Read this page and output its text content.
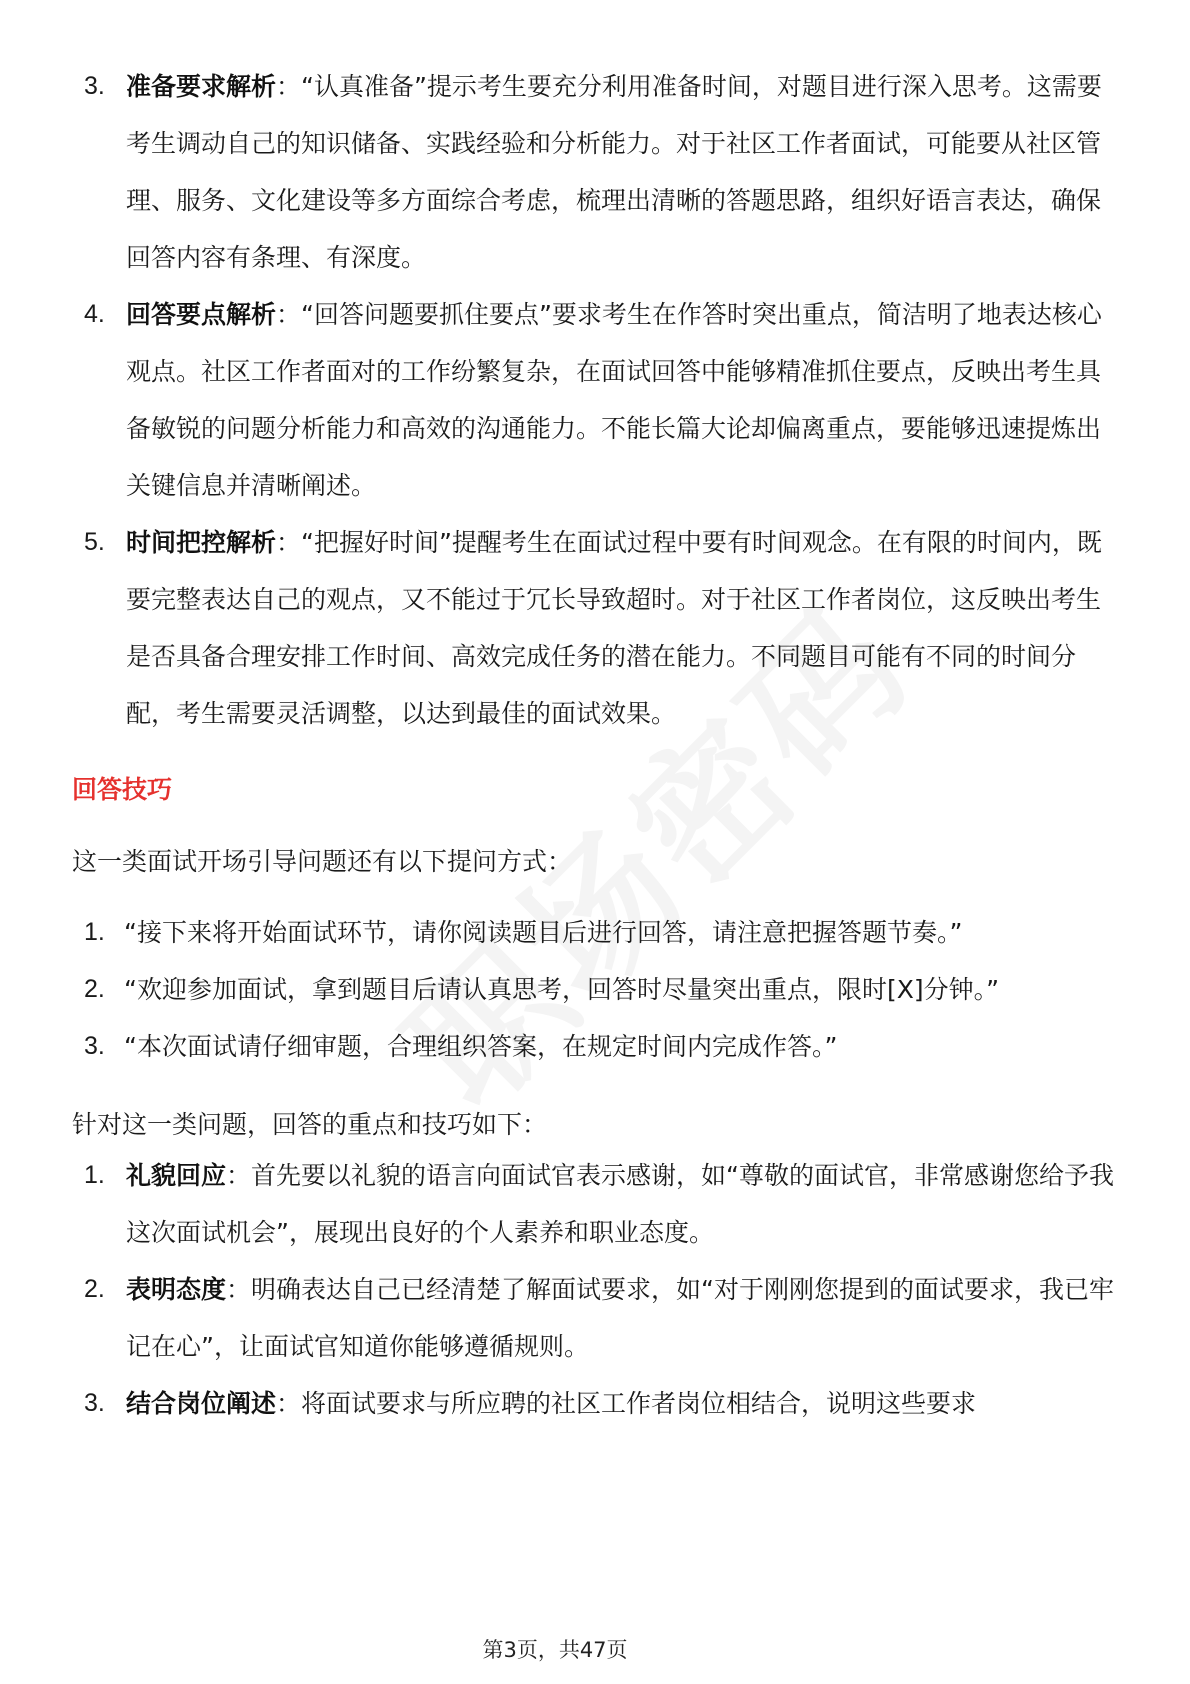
3. 准备要求解析：“认真准备”提示考生要充分利用准备时间，对题目进行深入思考。这需要考生调动自己的知识储备、实践经验和分析能力。对于社区工作者面试，可能要从社区管理、服务、文化建设等多方面综合考虑，梳理出清晰的答题思路，组织好语言表达，确保回答内容有条理、有深度。
4. 回答要点解析：“回答问题要抓住要点”要求考生在作答时突出重点，简洁明了地表达核心观点。社区工作者面对的工作纷繁复杂，在面试回答中能够精准抓住要点，反映出考生具备敏锐的问题分析能力和高效的沟通能力。不能长篇大论却偏离重点，要能够迅速提炼出关键信息并清晰阐述。
5. 时间把控解析：“把握好时间”提醒考生在面试过程中要有时间观念。在有限的时间内，既要完整表达自己的观点，又不能过于冗长导致超时。对于社区工作者岗位，这反映出考生是否具备合理安排工作时间、高效完成任务的潜在能力。不同题目可能有不同的时间分配，考生需要灵活调整，以达到最佳的面试效果。
回答技巧
这一类面试开场引导问题还有以下提问方式：
1. “接下来将开始面试环节，请你阅读题目后进行回答，请注意把握答题节奏。”
2. “欢迎参加面试，拿到题目后请认真思考，回答时尽量突出重点，限时[X]分钟。”
3. “本次面试请仔细审题，合理组织答案，在规定时间内完成作答。”
针对这一类问题，回答的重点和技巧如下：
1. 礼貌回应：首先要以礼貌的语言向面试官表示感谢，如“尊敬的面试官，非常感谢您给予我这次面试机会”，展现出良好的个人素养和职业态度。
2. 表明态度：明确表达自己已经清楚了解面试要求，如“对于刚刚您提到的面试要求，我已牢记在心”，让面试官知道你能够遵循规则。
3. 结合岗位阐述：将面试要求与所应聘的社区工作者岗位相结合，说明这些要求
第3页，共47页
